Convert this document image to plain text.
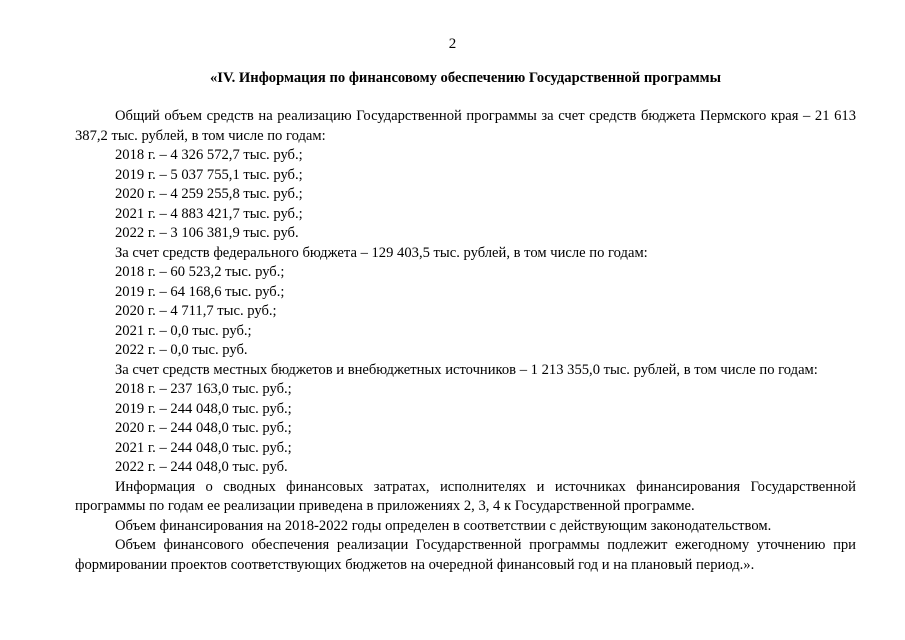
2
«IV. Информация по финансовому обеспечению Государственной программы

Общий объем средств на реализацию Государственной программы за счет средств бюджета Пермского края – 21 613 387,2 тыс. рублей, в том числе по годам:

2018 г. – 4 326 572,7 тыс. руб.;

2019 г. – 5 037 755,1 тыс. руб.;

2020 г. – 4 259 255,8 тыс. руб.;

2021 г. – 4 883 421,7 тыс. руб.;

2022 г. – 3 106 381,9 тыс. руб.

За счет средств федерального бюджета – 129 403,5 тыс. рублей, в том числе по годам:

2018 г. – 60 523,2 тыс. руб.;

2019 г. – 64 168,6 тыс. руб.;

2020 г. – 4 711,7 тыс. руб.;

2021 г. – 0,0 тыс. руб.;

2022 г. – 0,0 тыс. руб.

За счет средств местных бюджетов и внебюджетных источников – 1 213 355,0 тыс. рублей, в том числе по годам:

2018 г. – 237 163,0 тыс. руб.;

2019 г. – 244 048,0 тыс. руб.;

2020 г. – 244 048,0 тыс. руб.;

2021 г. – 244 048,0 тыс. руб.;

2022 г. – 244 048,0 тыс. руб.

Информация о сводных финансовых затратах, исполнителях и источниках финансирования Государственной программы по годам ее реализации приведена в приложениях 2, 3, 4 к Государственной программе.

Объем финансирования на 2018-2022 годы определен в соответствии с действующим законодательством.

Объем финансового обеспечения реализации Государственной программы подлежит ежегодному уточнению при формировании проектов соответствующих бюджетов на очередной финансовый год и на плановый период.».
